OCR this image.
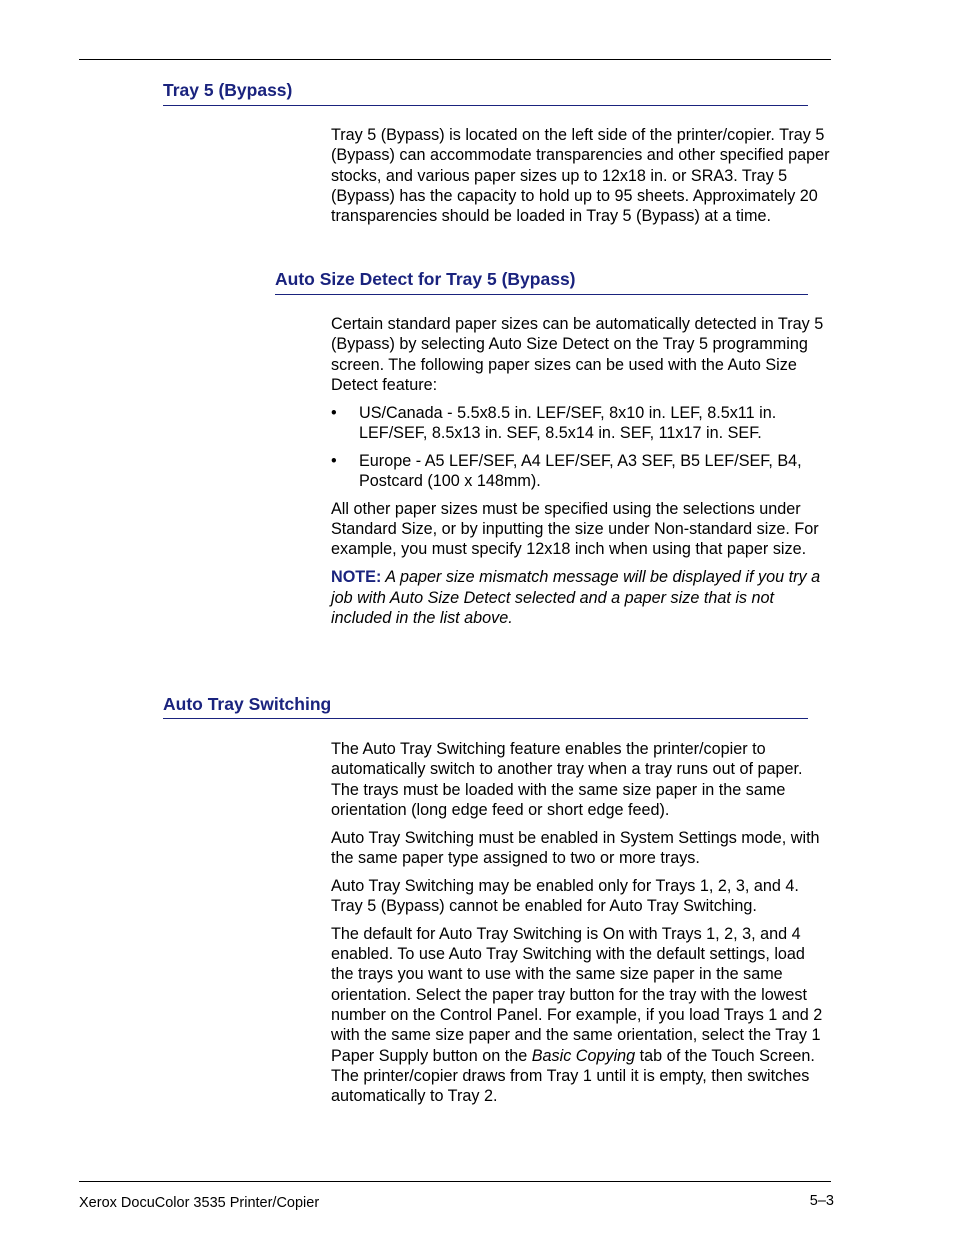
Tray 5 (Bypass)

Tray 5 (Bypass) is located on the left side of the printer/copier. Tray 5 (Bypass) can accommodate transparencies and other specified paper stocks, and various paper sizes up to 12x18 in. or SRA3. Tray 5 (Bypass) has the capacity to hold up to 95 sheets. Approximately 20 transparencies should be loaded in Tray 5 (Bypass) at a time.

Auto Size Detect for Tray 5 (Bypass)

Certain standard paper sizes can be automatically detected in Tray 5 (Bypass) by selecting Auto Size Detect on the Tray 5 programming screen. The following paper sizes can be used with the Auto Size Detect feature:

• US/Canada - 5.5x8.5 in. LEF/SEF, 8x10 in. LEF, 8.5x11 in. LEF/SEF, 8.5x13 in. SEF, 8.5x14 in. SEF, 11x17 in. SEF.
• Europe - A5 LEF/SEF, A4 LEF/SEF, A3 SEF, B5 LEF/SEF, B4, Postcard (100 x 148mm).

All other paper sizes must be specified using the selections under Standard Size, or by inputting the size under Non-standard size. For example, you must specify 12x18 inch when using that paper size.

NOTE: A paper size mismatch message will be displayed if you try a job with Auto Size Detect selected and a paper size that is not included in the list above.

Auto Tray Switching

The Auto Tray Switching feature enables the printer/copier to automatically switch to another tray when a tray runs out of paper. The trays must be loaded with the same size paper in the same orientation (long edge feed or short edge feed).

Auto Tray Switching must be enabled in System Settings mode, with the same paper type assigned to two or more trays.

Auto Tray Switching may be enabled only for Trays 1, 2, 3, and 4. Tray 5 (Bypass) cannot be enabled for Auto Tray Switching.

The default for Auto Tray Switching is On with Trays 1, 2, 3, and 4 enabled. To use Auto Tray Switching with the default settings, load the trays you want to use with the same size paper in the same orientation. Select the paper tray button for the tray with the lowest number on the Control Panel. For example, if you load Trays 1 and 2 with the same size paper and the same orientation, select the Tray 1 Paper Supply button on the Basic Copying tab of the Touch Screen. The printer/copier draws from Tray 1 until it is empty, then switches automatically to Tray 2.

Xerox DocuColor 3535 Printer/Copier	5–3
